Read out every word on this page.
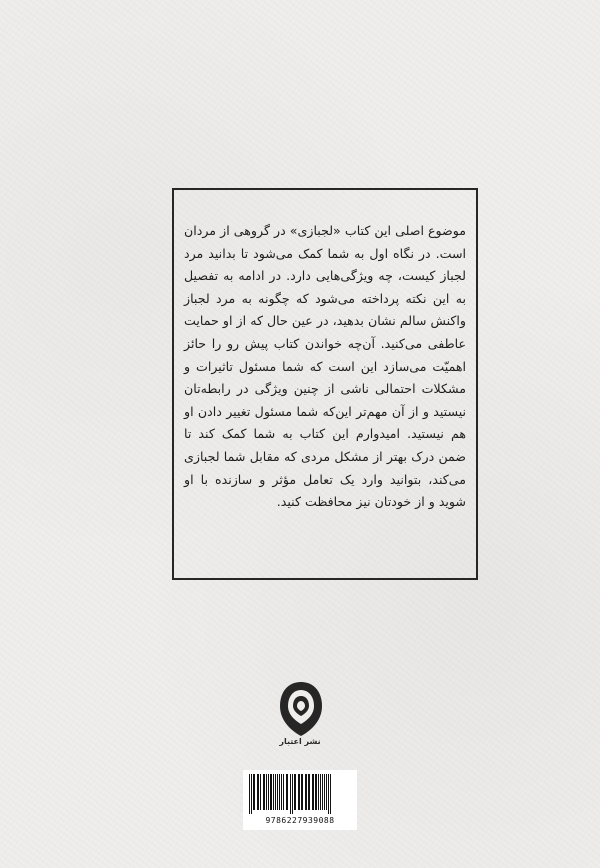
موضوع اصلی این کتاب «لجبازی» در گروهی از مردان است. در نگاه اول به شما کمک می‌شود تا بدانید مرد لجباز کیست، چه ویژگی‌هایی دارد. در ادامه به تفصیل به این نکته پرداخته می‌شود که چگونه به مرد لجباز واکنش سالم نشان بدهید، در عین حال که از او حمایت عاطفی می‌کنید. آن‌چه خواندن کتاب پیش رو را حائز اهمیّت می‌سازد این است که شما مسئول تاثیرات و مشکلات احتمالی ناشی از چنین ویژگی در رابطه‌تان نیستید و از آن مهم‌تر این‌که شما مسئول تغییر دادن او هم نیستید. امیدوارم این کتاب به شما کمک کند تا ضمن درک بهتر از مشکل مردی که مقابل شما لجبازی می‌کند، بتوانید وارد یک تعامل مؤثر و سازنده با او شوید و از خودتان نیز محافظت کنید.

نشر اعتبار
9786227939088
